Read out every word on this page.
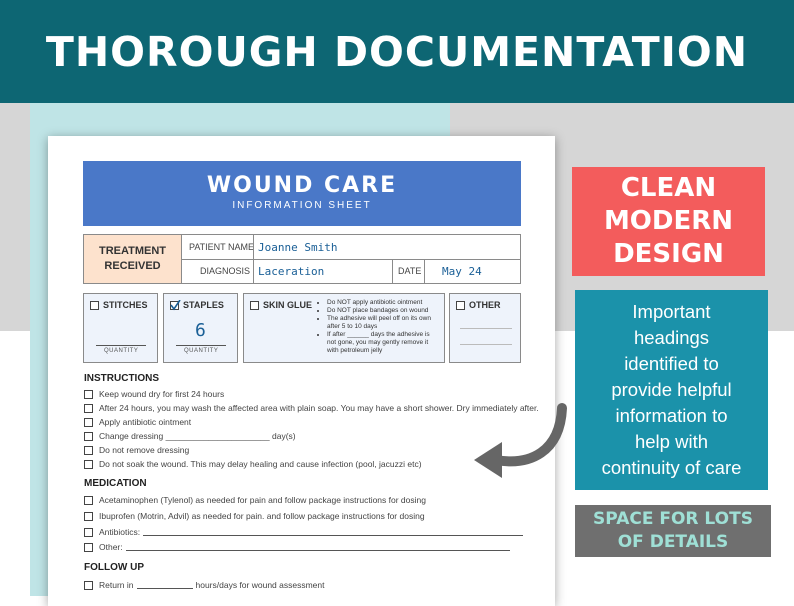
THOROUGH DOCUMENTATION
WOUND CARE
INFORMATION SHEET
TREATMENT RECEIVED
PATIENT NAME Joanne Smith
DIAGNOSIS Laceration	DATE May 24
STITCHES
QUANTITY
STAPLES
6
QUANTITY
SKIN GLUE
• Do NOT apply antibiotic ointment
• Do NOT place bandages on wound
• The adhesive will peel off on its own after 5 to 10 days
• If after ______ days the adhesive is not gone, you may gently remove it with petroleum jelly
OTHER
INSTRUCTIONS
Keep wound dry for first 24 hours
After 24 hours, you may wash the affected area with plain soap. You may have a short shower. Dry immediately after.
Apply antibiotic ointment
Change dressing ______________________ day(s)
Do not remove dressing
Do not soak the wound. This may delay healing and cause infection (pool, jacuzzi etc)
MEDICATION
Acetaminophen (Tylenol) as needed for pain and follow package instructions for dosing
Ibuprofen (Motrin, Advil) as needed for pain. and follow package instructions for dosing
Antibiotics:
Other:
FOLLOW UP
Return in	hours/days for wound assessment
CLEAN
MODERN
DESIGN
Important
headings
identified to
provide helpful
information to
help with
continuity of care
SPACE FOR LOTS
OF DETAILS
